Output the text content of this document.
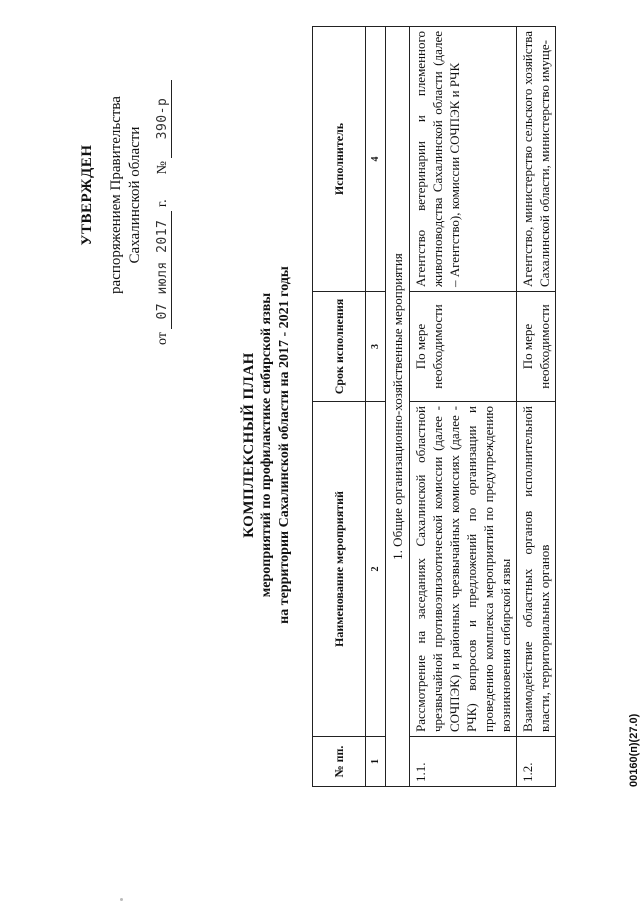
УТВЕРЖДЕН распоряжением Правительства Сахалинской области
от 07 июля 2017 г.  № 390-р
КОМПЛЕКСНЫЙ ПЛАН мероприятий по профилактике сибирской язвы на территории Сахалинской области на 2017 - 2021 годы
№ пп.	Наименование мероприятий	Срок исполнения	Исполнитель
1	2	3	4
1. Общие организационно-хозяйственные мероприятия			
1.1.	Рассмотрение на заседаниях Сахалинской областной чрезвычайной противоэпизоотической комиссии (далее - СОЧПЭК) и районных чрезвычайных комиссиях (далее - РЧК) вопросов и предложений по организации и проведению комплекса мероприятий по предупреждению возникновения сибирской язвы	По мере необходимости	Агентство ветеринарии и племенного животноводства Сахалинской области (далее – Агентство), комиссии СОЧПЭК и РЧК
1.2.	Взаимодействие областных органов исполнительной власти, территориальных органов	По мере необходимости	Агентство, министерство сельского хозяйства Сахалинской области, министерство имуще-
00160(п)(27.0)
